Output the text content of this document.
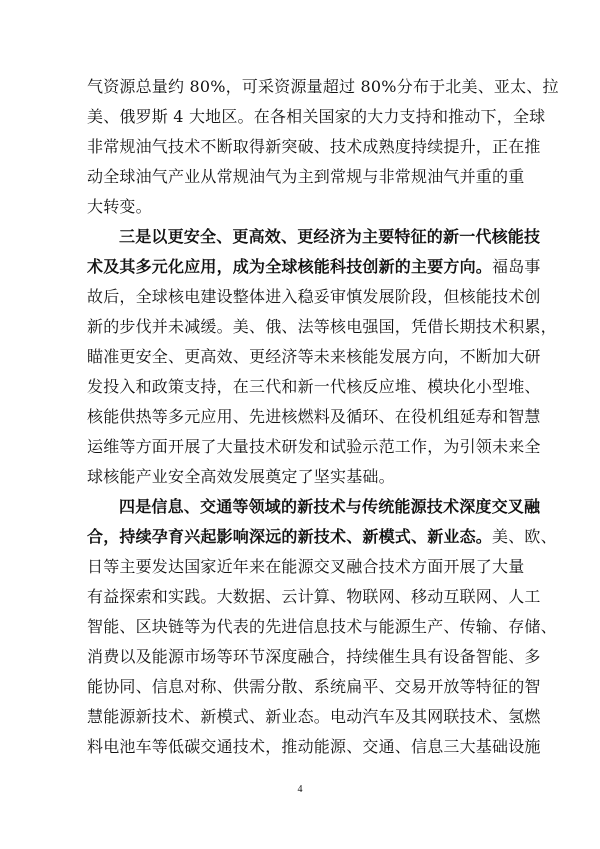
气资源总量约 80%，可采资源量超过 80%分布于北美、亚太、拉
美、俄罗斯 4 大地区。在各相关国家的大力支持和推动下，全球
非常规油气技术不断取得新突破、技术成熟度持续提升，正在推
动全球油气产业从常规油气为主到常规与非常规油气并重的重
大转变。
三是以更安全、更高效、更经济为主要特征的新一代核能技
术及其多元化应用，成为全球核能科技创新的主要方向。福岛事
故后，全球核电建设整体进入稳妥审慎发展阶段，但核能技术创
新的步伐并未减缓。美、俄、法等核电强国，凭借长期技术积累，
瞄准更安全、更高效、更经济等未来核能发展方向，不断加大研
发投入和政策支持，在三代和新一代核反应堆、模块化小型堆、
核能供热等多元应用、先进核燃料及循环、在役机组延寿和智慧
运维等方面开展了大量技术研发和试验示范工作，为引领未来全
球核能产业安全高效发展奠定了坚实基础。
四是信息、交通等领域的新技术与传统能源技术深度交叉融
合，持续孕育兴起影响深远的新技术、新模式、新业态。美、欧、
日等主要发达国家近年来在能源交叉融合技术方面开展了大量
有益探索和实践。大数据、云计算、物联网、移动互联网、人工
智能、区块链等为代表的先进信息技术与能源生产、传输、存储、
消费以及能源市场等环节深度融合，持续催生具有设备智能、多
能协同、信息对称、供需分散、系统扁平、交易开放等特征的智
慧能源新技术、新模式、新业态。电动汽车及其网联技术、氢燃
料电池车等低碳交通技术，推动能源、交通、信息三大基础设施
4
